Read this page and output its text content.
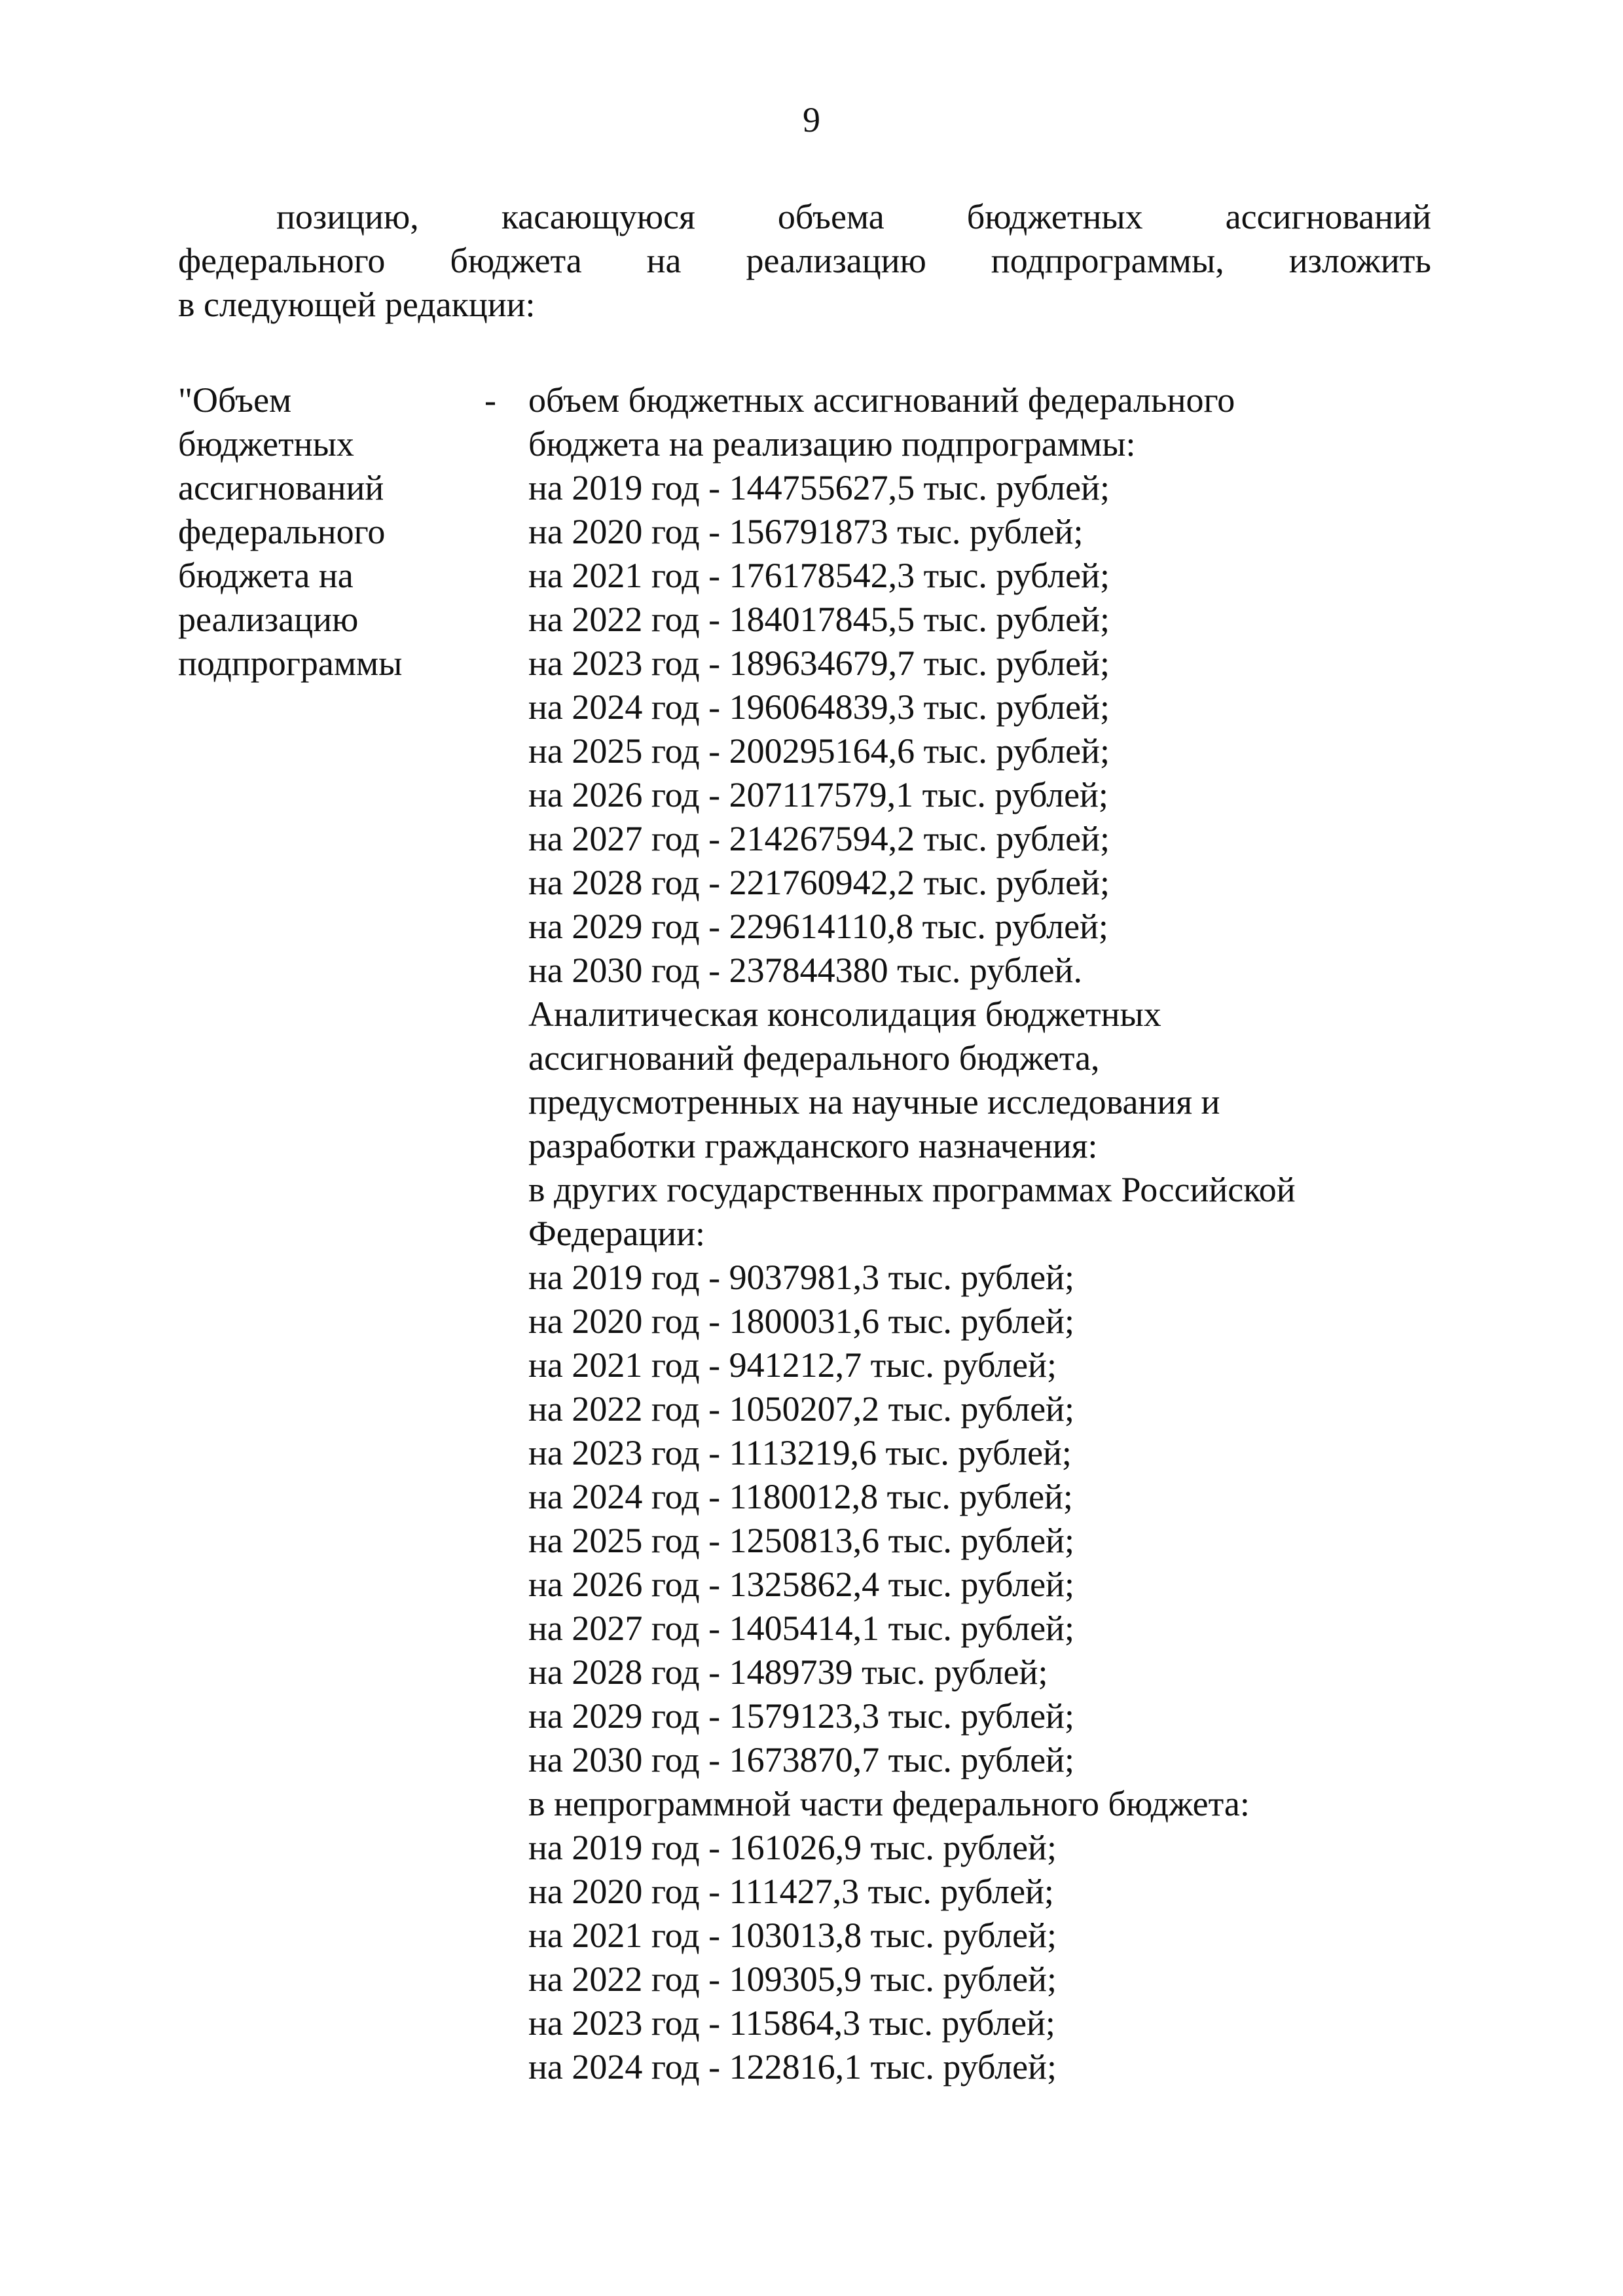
9
позицию, касающуюся объема бюджетных ассигнований
федерального бюджета на реализацию подпрограммы, изложить
в следующей редакции:
"Объем
бюджетных
ассигнований
федерального
бюджета на
реализацию
подпрограммы
- объем бюджетных ассигнований федерального
бюджета на реализацию подпрограммы:
на 2019 год - 144755627,5 тыс. рублей;
на 2020 год - 156791873 тыс. рублей;
на 2021 год - 176178542,3 тыс. рублей;
на 2022 год - 184017845,5 тыс. рублей;
на 2023 год - 189634679,7 тыс. рублей;
на 2024 год - 196064839,3 тыс. рублей;
на 2025 год - 200295164,6 тыс. рублей;
на 2026 год - 207117579,1 тыс. рублей;
на 2027 год - 214267594,2 тыс. рублей;
на 2028 год - 221760942,2 тыс. рублей;
на 2029 год - 229614110,8 тыс. рублей;
на 2030 год - 237844380 тыс. рублей.
Аналитическая консолидация бюджетных
ассигнований федерального бюджета,
предусмотренных на научные исследования и
разработки гражданского назначения:
в других государственных программах Российской
Федерации:
на 2019 год - 9037981,3 тыс. рублей;
на 2020 год - 1800031,6 тыс. рублей;
на 2021 год - 941212,7 тыс. рублей;
на 2022 год - 1050207,2 тыс. рублей;
на 2023 год - 1113219,6 тыс. рублей;
на 2024 год - 1180012,8 тыс. рублей;
на 2025 год - 1250813,6 тыс. рублей;
на 2026 год - 1325862,4 тыс. рублей;
на 2027 год - 1405414,1 тыс. рублей;
на 2028 год - 1489739 тыс. рублей;
на 2029 год - 1579123,3 тыс. рублей;
на 2030 год - 1673870,7 тыс. рублей;
в непрограммной части федерального бюджета:
на 2019 год - 161026,9 тыс. рублей;
на 2020 год - 111427,3 тыс. рублей;
на 2021 год - 103013,8 тыс. рублей;
на 2022 год - 109305,9 тыс. рублей;
на 2023 год - 115864,3 тыс. рублей;
на 2024 год - 122816,1 тыс. рублей;
